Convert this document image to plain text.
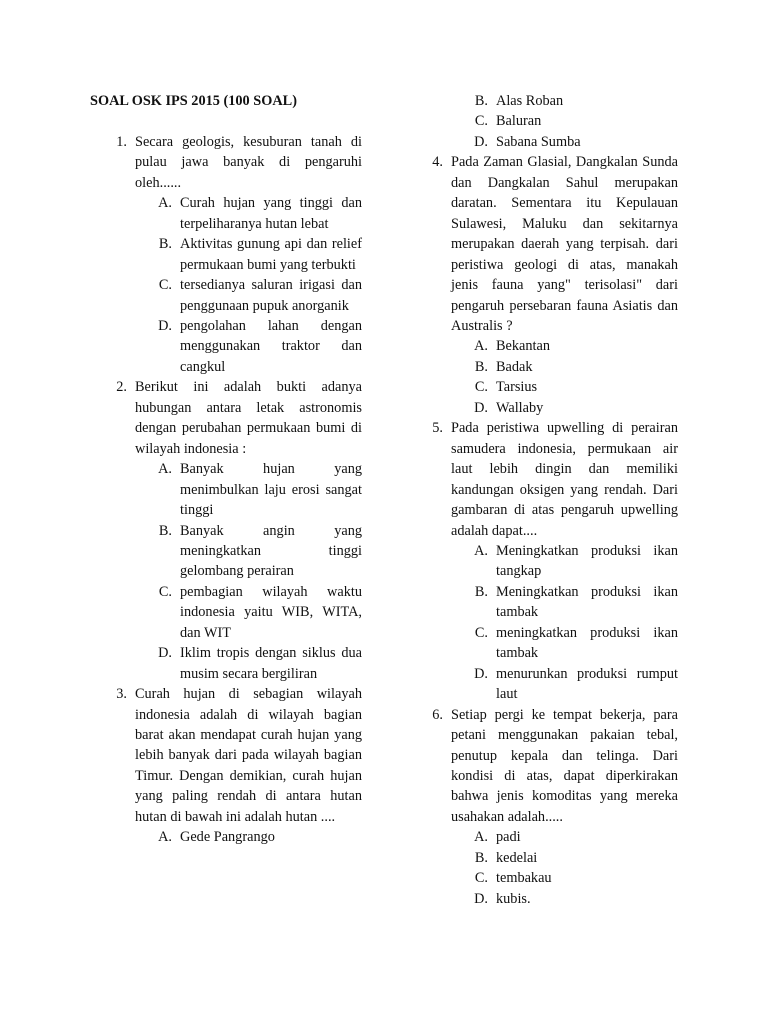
SOAL OSK IPS 2015 (100 SOAL)
1. Secara geologis, kesuburan tanah di pulau jawa banyak di pengaruhi oleh......
A. Curah hujan yang tinggi dan terpeliharanya hutan lebat
B. Aktivitas gunung api dan relief permukaan bumi yang terbukti
C. tersedianya saluran irigasi dan penggunaan pupuk anorganik
D. pengolahan lahan dengan menggunakan traktor dan cangkul
2. Berikut ini adalah bukti adanya hubungan antara letak astronomis dengan perubahan permukaan bumi di wilayah indonesia :
A. Banyak hujan yang menimbulkan laju erosi sangat tinggi
B. Banyak angin yang meningkatkan tinggi gelombang perairan
C. pembagian wilayah waktu indonesia yaitu WIB, WITA, dan WIT
D. Iklim tropis dengan siklus dua musim secara bergiliran
3. Curah hujan di sebagian wilayah indonesia adalah di wilayah bagian barat akan mendapat curah hujan yang lebih banyak dari pada wilayah bagian Timur. Dengan demikian, curah hujan yang paling rendah di antara hutan hutan di bawah ini adalah hutan ....
A. Gede Pangrango
B. Alas Roban
C. Baluran
D. Sabana Sumba
4. Pada Zaman Glasial, Dangkalan Sunda dan Dangkalan Sahul merupakan daratan. Sementara itu Kepulauan Sulawesi, Maluku dan sekitarnya merupakan daerah yang terpisah. dari peristiwa geologi di atas, manakah jenis fauna yang" terisolasi" dari pengaruh persebaran fauna Asiatis dan Australis ?
A. Bekantan
B. Badak
C. Tarsius
D. Wallaby
5. Pada peristiwa upwelling di perairan samudera indonesia, permukaan air laut lebih dingin dan memiliki kandungan oksigen yang rendah. Dari gambaran di atas pengaruh upwelling adalah dapat....
A. Meningkatkan produksi ikan tangkap
B. Meningkatkan produksi ikan tambak
C. meningkatkan produksi ikan tambak
D. menurunkan produksi rumput laut
6. Setiap pergi ke tempat bekerja, para petani menggunakan pakaian tebal, penutup kepala dan telinga. Dari kondisi di atas, dapat diperkirakan bahwa jenis komoditas yang mereka usahakan adalah.....
A. padi
B. kedelai
C. tembakau
D. kubis.
